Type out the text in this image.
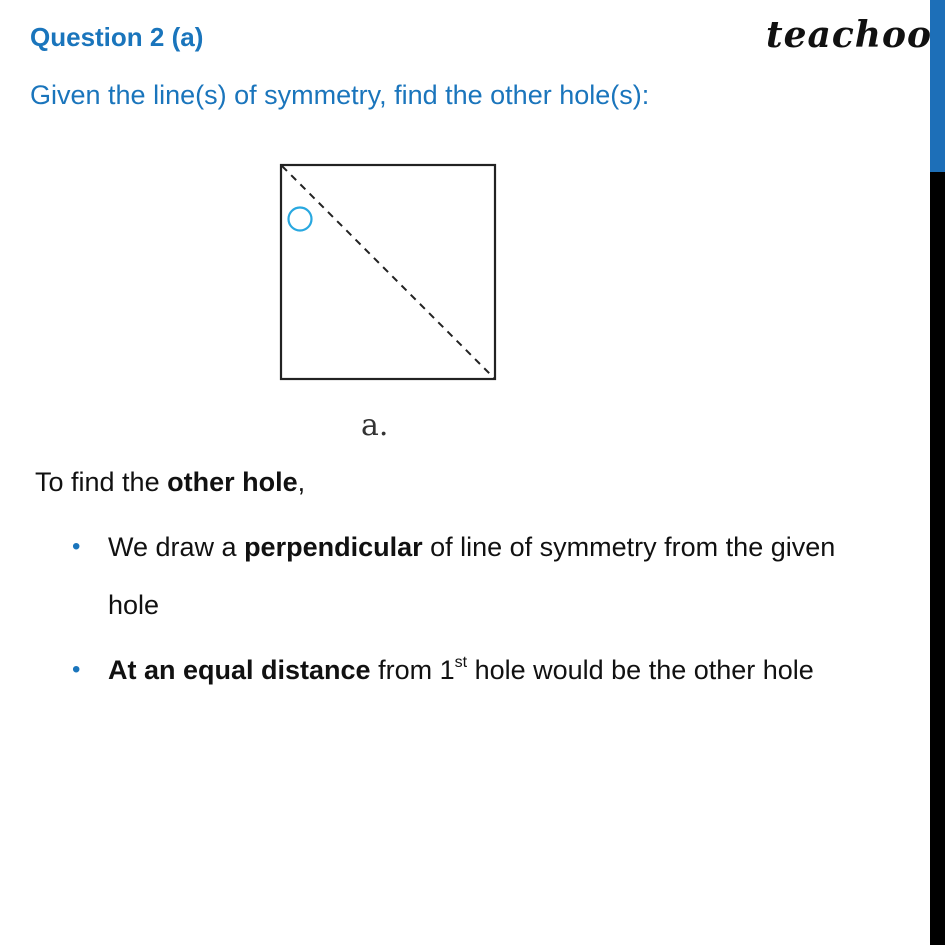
Question 2 (a)	teachoo
Given the line(s) of symmetry, find the other hole(s):
a.
To find the other hole,
• We draw a perpendicular of line of symmetry from the given
hole
• At an equal distance from 1st hole would be the other hole
